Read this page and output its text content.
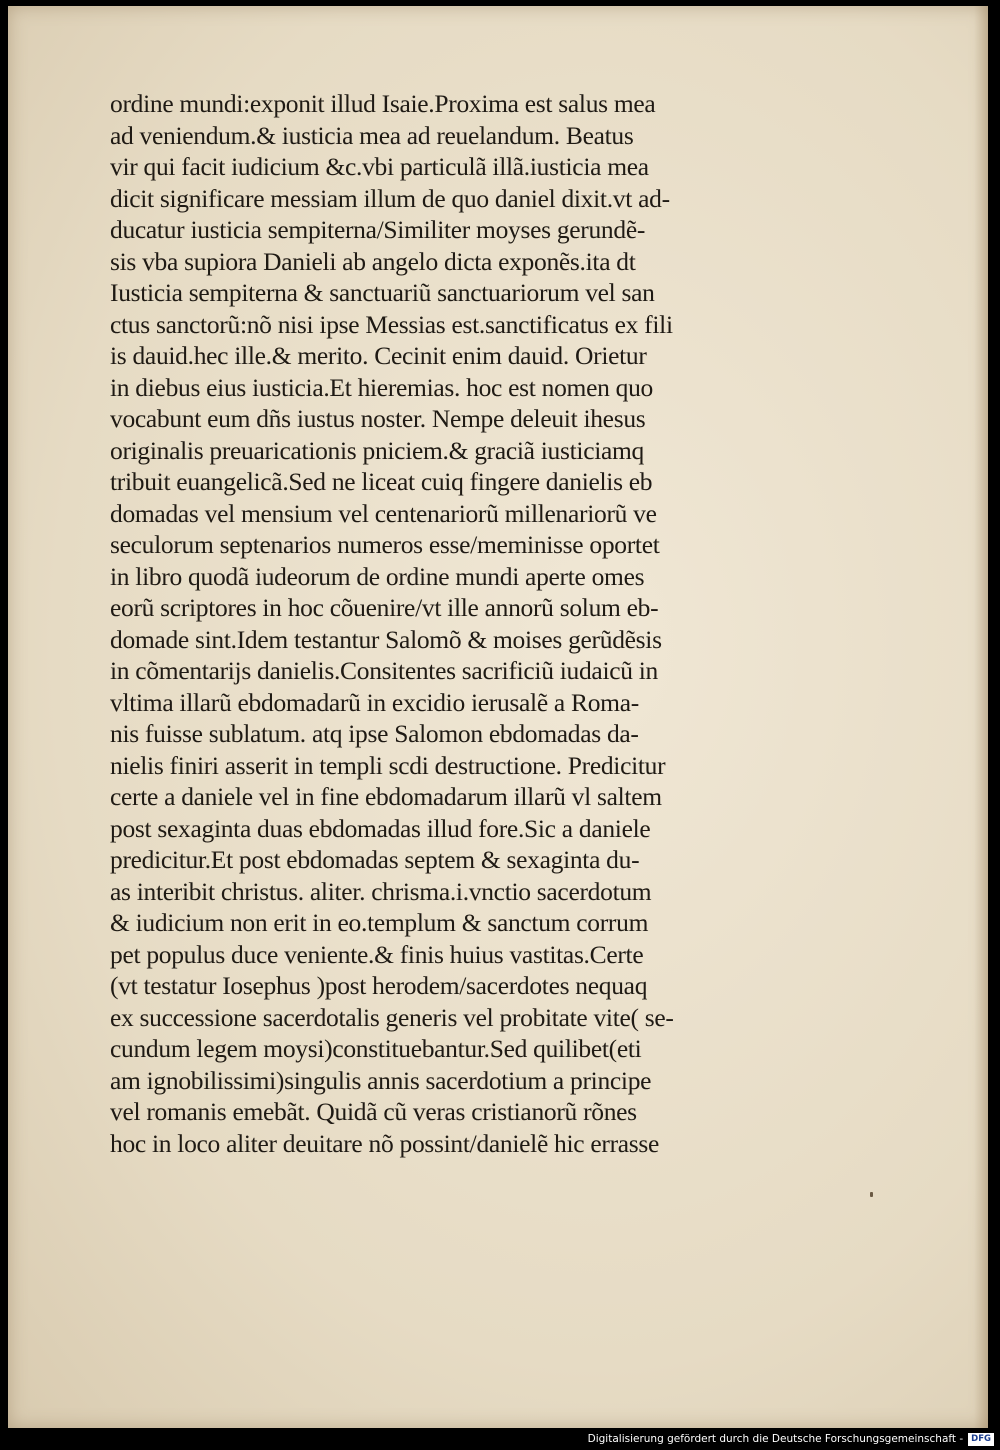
ordine mundi:exponit illud Isaie.Proxima est salus mea
ad veniendum.& iusticia mea ad reuelandum. Beatus
vir qui facit iudicium &c.vbi particulã illã.iusticia mea
dicit significare messiam illum de quo daniel dixit.vt ad-
ducatur iusticia sempiterna/Similiter moyses gerundẽ-
sis vba supiora Danieli ab angelo dicta exponẽs.ita dt
Iusticia sempiterna & sanctuariũ sanctuariorum vel san
ctus sanctorũ:nõ nisi ipse Messias est.sanctificatus ex fili
is dauid.hec ille.& merito. Cecinit enim dauid. Orietur
in diebus eius iusticia.Et hieremias. hoc est nomen quo
vocabunt eum dñs iustus noster. Nempe deleuit ihesus
originalis preuaricationis pniciem.& graciã iusticiamq
tribuit euangelicã.Sed ne liceat cuiq fingere danielis eb
domadas vel mensium vel centenariorũ millenariorũ ve
seculorum septenarios numeros esse/meminisse oportet
in libro quodã iudeorum de ordine mundi aperte omes
eorũ scriptores in hoc cõuenire/vt ille annorũ solum eb-
domade sint.Idem testantur Salomõ & moises gerũdẽsis
in cõmentarijs danielis.Consitentes sacrificiũ iudaicũ in
vltima illarũ ebdomadarũ in excidio ierusalẽ a Roma-
nis fuisse sublatum. atq ipse Salomon ebdomadas da-
nielis finiri asserit in templi scdi destructione. Predicitur
certe a daniele vel in fine ebdomadarum illarũ vl saltem
post sexaginta duas ebdomadas illud fore.Sic a daniele
predicitur.Et post ebdomadas septem & sexaginta du-
as interibit christus. aliter. chrisma.i.vnctio sacerdotum
& iudicium non erit in eo.templum & sanctum corrum
pet populus duce veniente.& finis huius vastitas.Certe
(vt testatur Iosephus )post herodem/sacerdotes nequaq
ex successione sacerdotalis generis vel probitate vite( se-
cundum legem moysi)constituebantur.Sed quilibet(eti
am ignobilissimi)singulis annis sacerdotium a principe
vel romanis emebãt. Quidã cũ veras cristianorũ rõnes
hoc in loco aliter deuitare nõ possint/danielẽ hic errasse
Digitalisierung gefördert durch die Deutsche Forschungsgemeinschaft - DFG
